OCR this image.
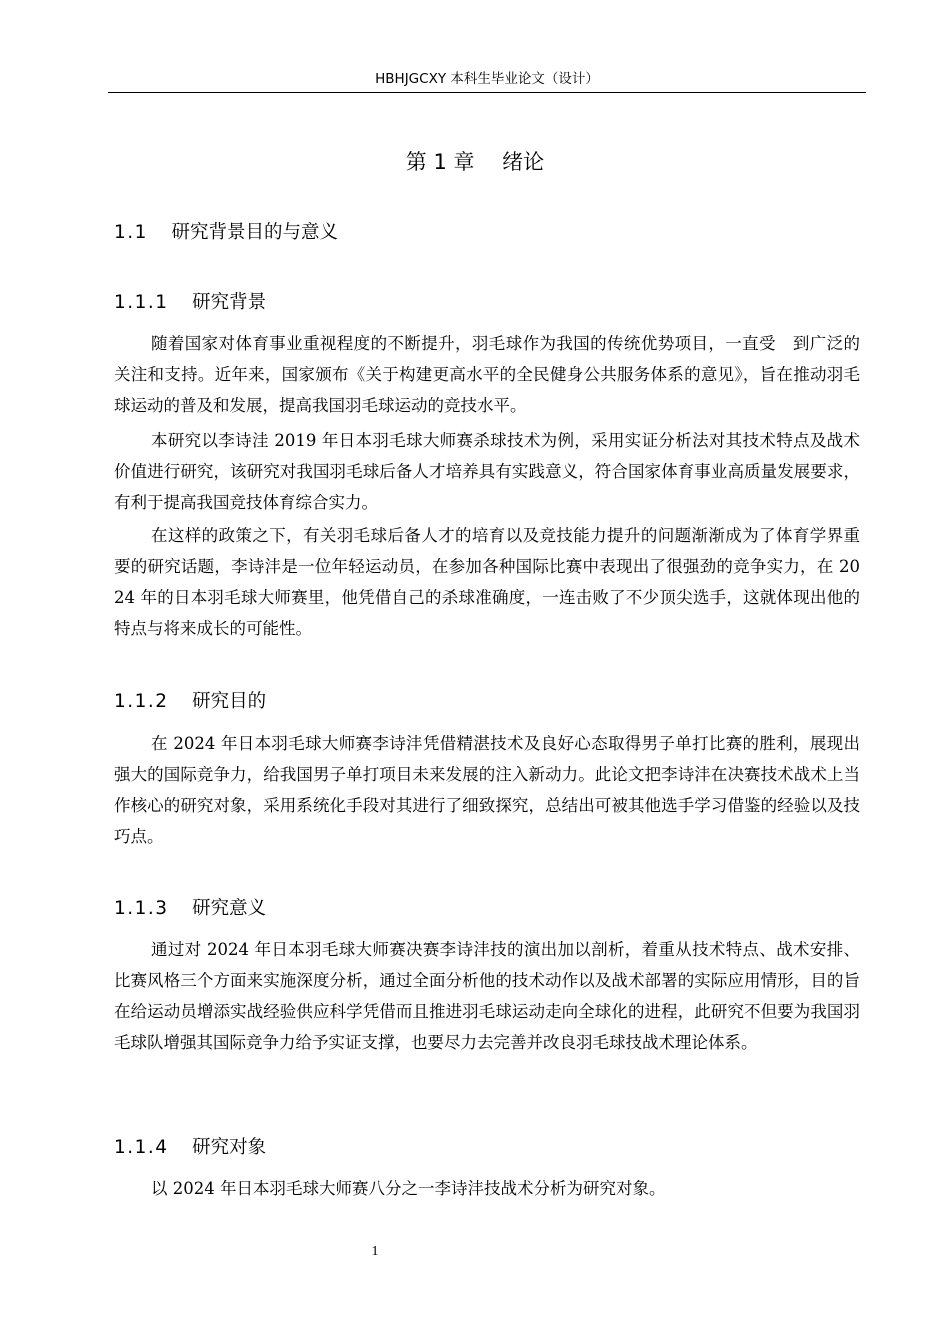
HBHJGCXY 本科生毕业论文（设计）
第 1 章　 绪论
1.1 研究背景目的与意义
1.1.1 研究背景
随着国家对体育事业重视程度的不断提升，羽毛球作为我国的传统优势项目，一直受　到广泛的关注和支持。近年来，国家颁布《关于构建更高水平的全民健身公共服务体系的意见》，旨在推动羽毛球运动的普及和发展，提高我国羽毛球运动的竞技水平。
本研究以李诗洼 2019 年日本羽毛球大师赛杀球技术为例，采用实证分析法对其技术特点及战术价值进行研究，该研究对我国羽毛球后备人才培养具有实践意义，符合国家体育事业高质量发展要求，有利于提高我国竞技体育综合实力。
在这样的政策之下，有关羽毛球后备人才的培育以及竞技能力提升的问题渐渐成为了体育学界重要的研究话题，李诗沣是一位年轻运动员，在参加各种国际比赛中表现出了很强劲的竞争实力，在 2024 年的日本羽毛球大师赛里，他凭借自己的杀球准确度，一连击败了不少顶尖选手，这就体现出他的特点与将来成长的可能性。
1.1.2 研究目的
在 2024 年日本羽毛球大师赛李诗沣凭借精湛技术及良好心态取得男子单打比赛的胜利，展现出强大的国际竞争力，给我国男子单打项目未来发展的注入新动力。此论文把李诗沣在决赛技术战术上当作核心的研究对象，采用系统化手段对其进行了细致探究，总结出可被其他选手学习借鉴的经验以及技巧点。
1.1.3 研究意义
通过对 2024 年日本羽毛球大师赛决赛李诗沣技的演出加以剖析，着重从技术特点、战术安排、比赛风格三个方面来实施深度分析，通过全面分析他的技术动作以及战术部署的实际应用情形，目的旨在给运动员增添实战经验供应科学凭借而且推进羽毛球运动走向全球化的进程，此研究不但要为我国羽毛球队增强其国际竞争力给予实证支撑，也要尽力去完善并改良羽毛球技战术理论体系。
1.1.4 研究对象
以 2024 年日本羽毛球大师赛八分之一李诗沣技战术分析为研究对象。
1
